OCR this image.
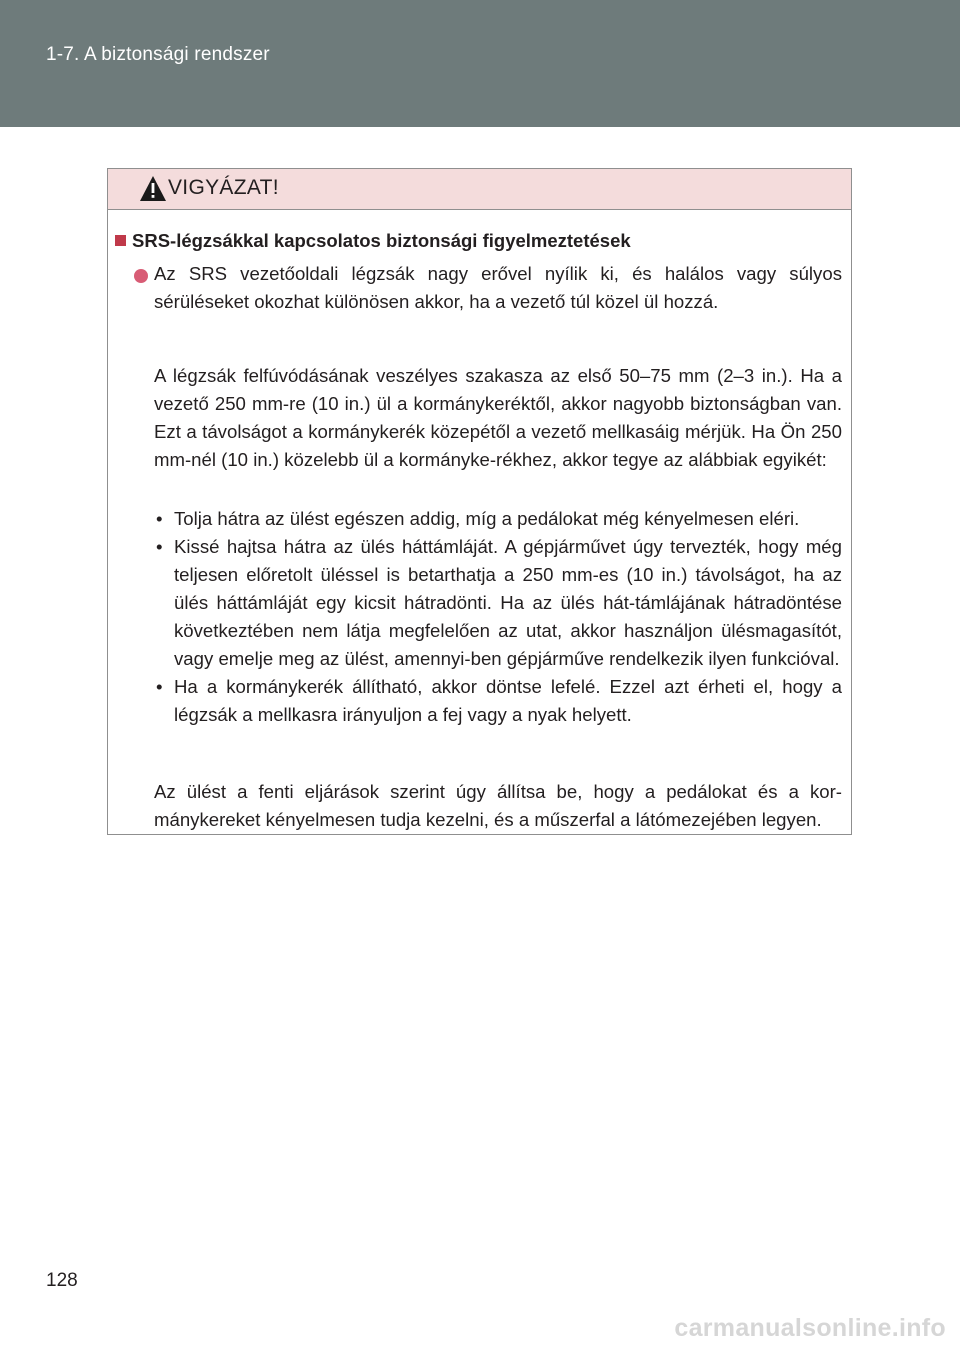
1-7. A biztonsági rendszer
VIGYÁZAT!
SRS-légzsákkal kapcsolatos biztonsági figyelmeztetések

Az SRS vezetőoldali légzsák nagy erővel nyílik ki, és halálos vagy súlyos sérüléseket okozhat különösen akkor, ha a vezető túl közel ül hozzá.

A légzsák felfúvódásának veszélyes szakasza az első 50–75 mm (2–3 in.). Ha a vezető 250 mm-re (10 in.) ül a kormánykeréktől, akkor nagyobb biztonságban van. Ezt a távolságot a kormánykerék közepétől a vezető mellkasáig mérjük. Ha Ön 250 mm-nél (10 in.) közelebb ül a kormányke-rékhez, akkor tegye az alábbiak egyikét:

• Tolja hátra az ülést egészen addig, míg a pedálokat még kényelmesen eléri.
• Kissé hajtsa hátra az ülés háttámláját. A gépjárművet úgy tervezték, hogy még teljesen előretolt üléssel is betarthatja a 250 mm-es (10 in.) távolságot, ha az ülés háttámláját egy kicsit hátradönti. Ha az ülés hát-támlájának hátradöntése következtében nem látja megfelelően az utat, akkor használjon ülésmagasítót, vagy emelje meg az ülést, amennyi-ben gépjárműve rendelkezik ilyen funkcióval.
• Ha a kormánykerék állítható, akkor döntse lefelé. Ezzel azt érheti el, hogy a légzsák a mellkasra irányuljon a fej vagy a nyak helyett.

Az ülést a fenti eljárások szerint úgy állítsa be, hogy a pedálokat és a kor-mánykereket kényelmesen tudja kezelni, és a műszerfal a látómezejében legyen.

128
carmanualsonline.info
